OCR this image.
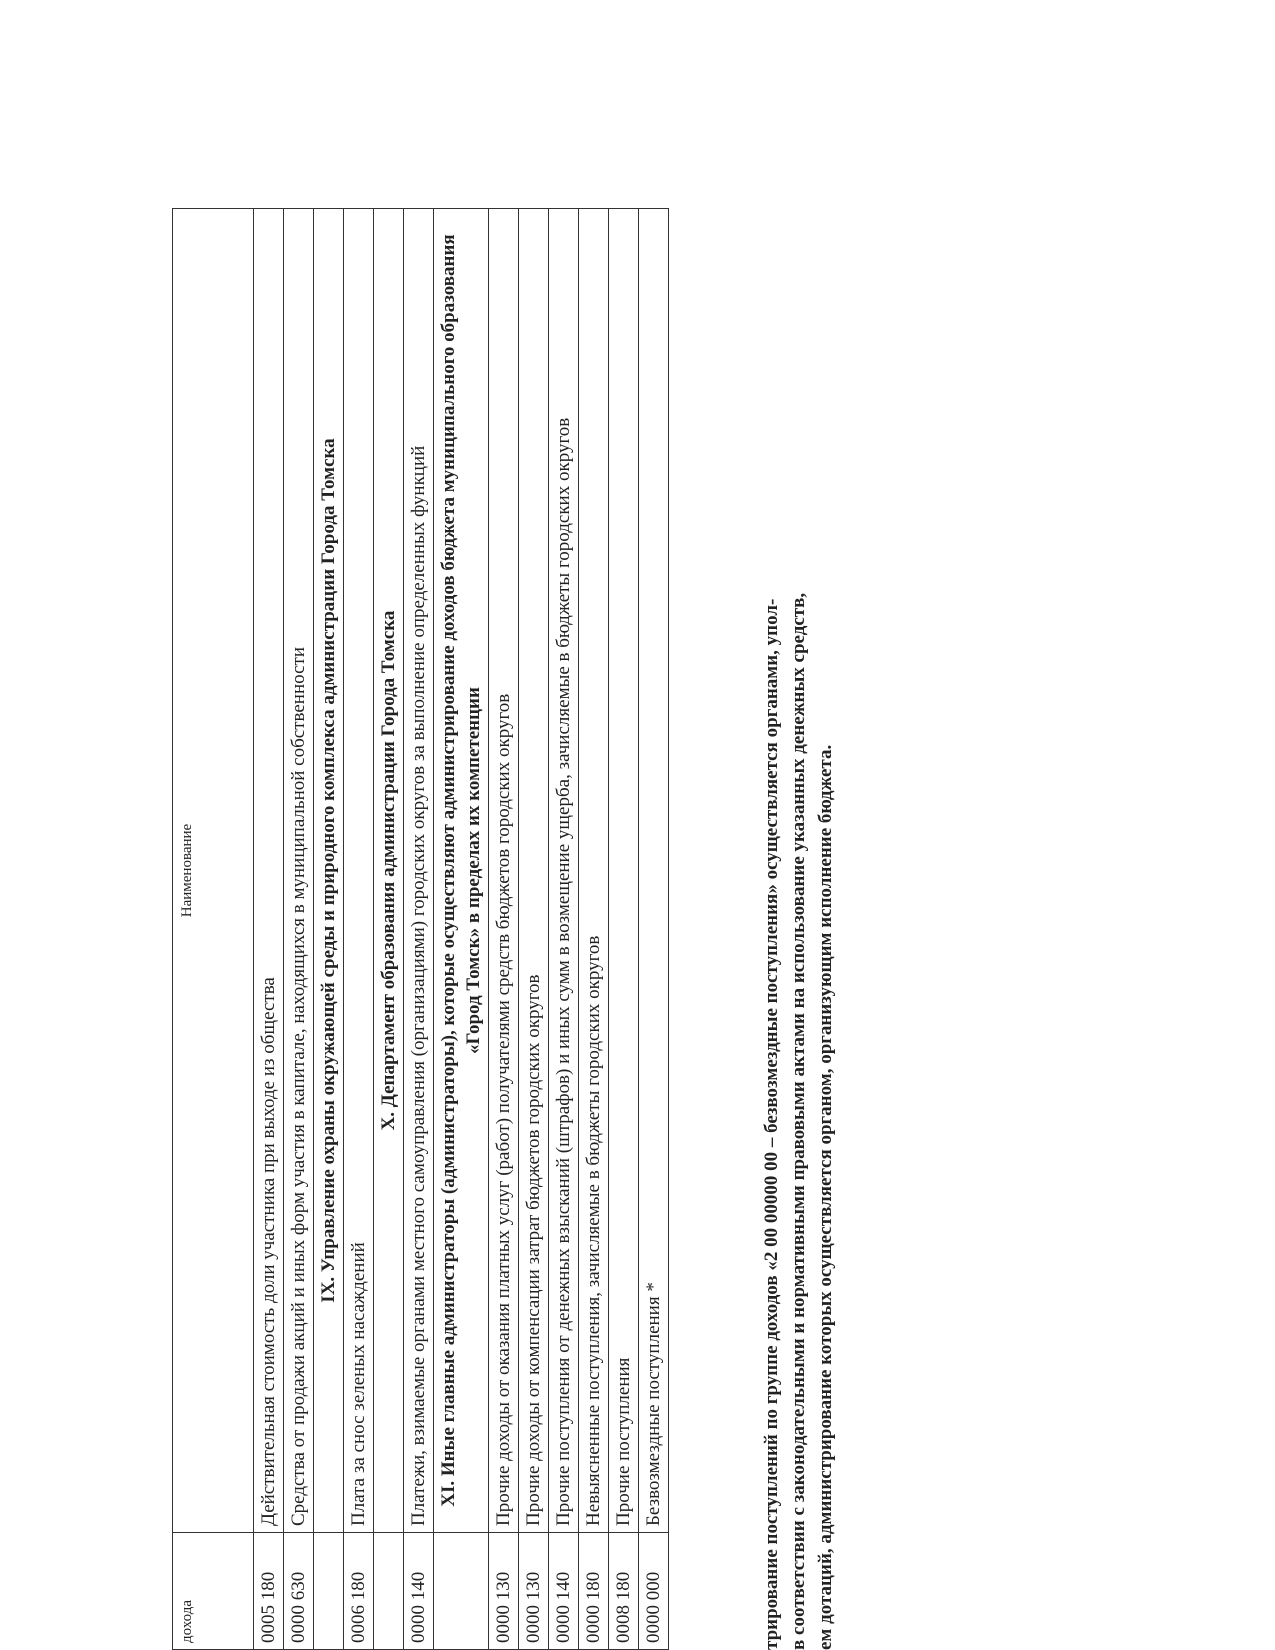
дохода	Наименование
0005 180	Действительная стоимость доли участника при выходе из общества
0000 630	Средства от продажи акций и иных форм участия в капитале, находящихся в муниципальной собственности
	IX. Управление охраны окружающей среды и природного комплекса администрации Города Томска
0006 180	Плата за снос зеленых насаждений
	X. Департамент образования администрации Города Томска
0000 140	Платежи, взимаемые органами местного самоуправления (организациями) городских округов за выполнение определенных функций
	XI. Иные главные администраторы (администраторы), которые осуществляют администрирование доходов бюджета муниципального образования «Город Томск» в пределах их компетенции
0000 130	Прочие доходы от оказания платных услуг (работ) получателями средств бюджетов городских округов
0000 130	Прочие доходы от компенсации затрат бюджетов городских округов
0000 140	Прочие поступления от денежных взысканий (штрафов) и иных сумм в возмещение ущерба, зачисляемые в бюджеты городских округов
0000 180	Невыясненные поступления, зачисляемые в бюджеты городских округов
0008 180	Прочие поступления
0000 000	Безвозмездные поступления *	трирование поступлений по группе доходов «2 00 00000 00 – безвозмездные поступления» осуществляется органами, упол- в соответствии с законодательными и нормативными правовыми актами на использование указанных денежных средств, ем дотаций, администрирование которых осуществляется органом, организующим исполнение бюджета.
